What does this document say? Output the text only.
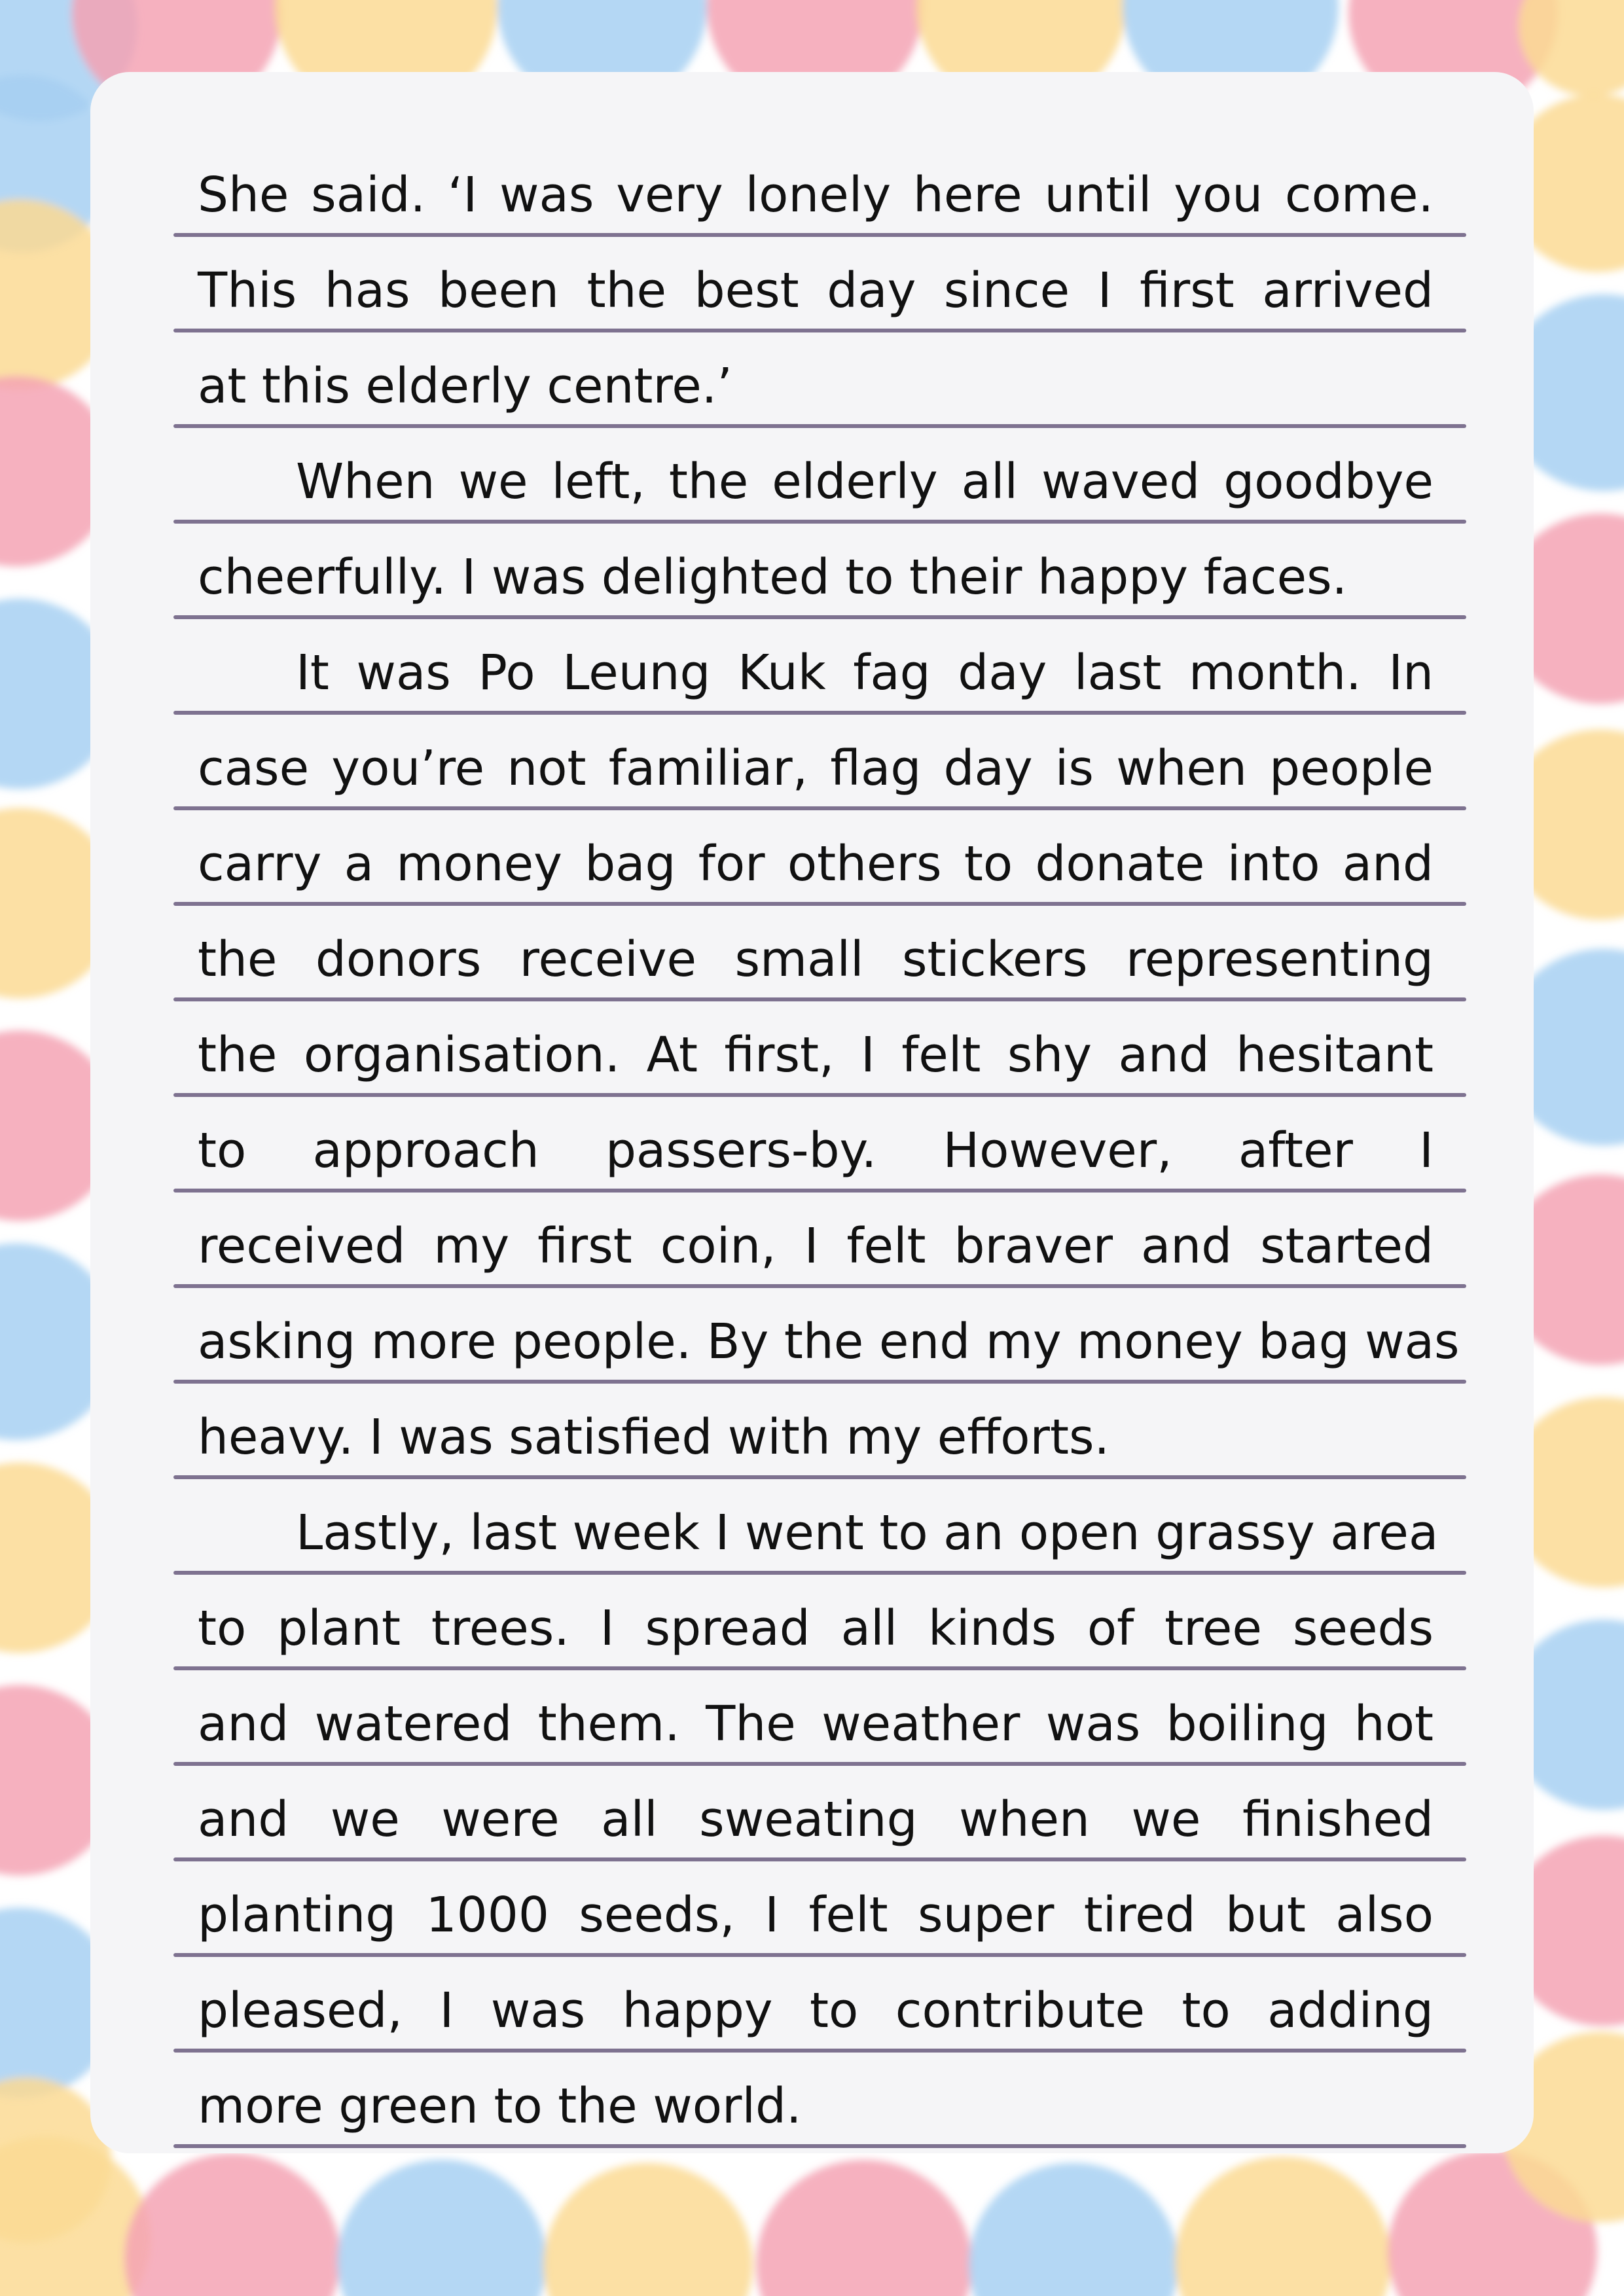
She said. ‘I was very lonely here until you come.
This has been the best day since I first arrived
at this elderly centre.’
When we left, the elderly all waved goodbye
cheerfully. I was delighted to their happy faces.
It was Po Leung Kuk fag day last month. In
case you’re not familiar, flag day is when people
carry a money bag for others to donate into and
the donors receive small stickers representing
the organisation. At first, I felt shy and hesitant
to approach passers-by. However, after I
received my first coin, I felt braver and started
asking more people. By the end my money bag was
heavy. I was satisfied with my efforts.
Lastly, last week I went to an open grassy area
to plant trees. I spread all kinds of tree seeds
and watered them. The weather was boiling hot
and we were all sweating when we finished
planting 1000 seeds, I felt super tired but also
pleased, I was happy to contribute to adding
more green to the world.
